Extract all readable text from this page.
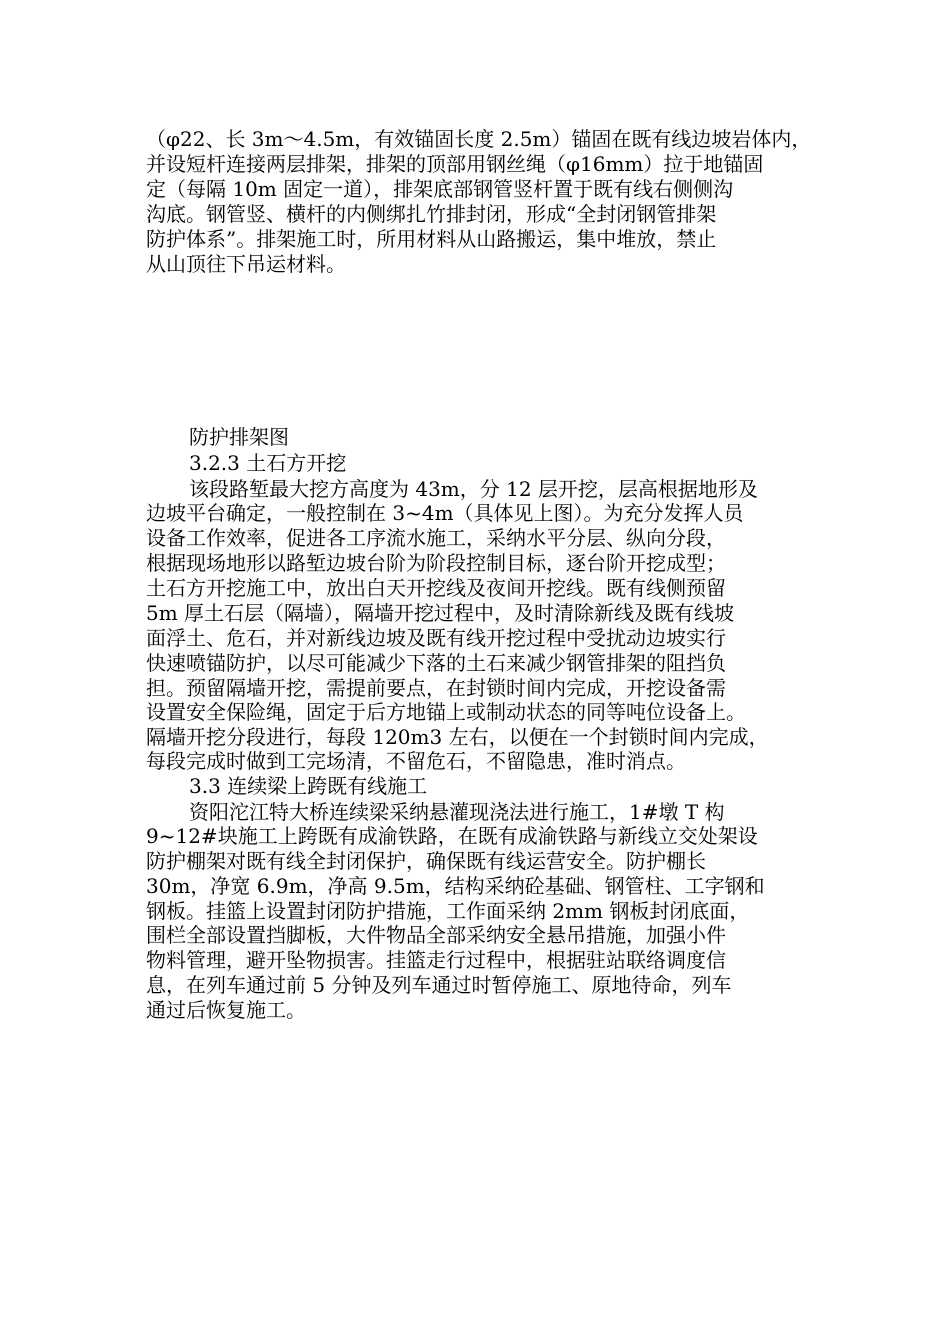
（φ22、长 3m～4.5m，有效锚固长度 2.5m）锚固在既有线边坡岩体内，

并设短杆连接两层排架，排架的顶部用钢丝绳（φ16mm）拉于地锚固

定（每隔 10m 固定一道），排架底部钢管竖杆置于既有线右侧侧沟

沟底。钢管竖、横杆的内侧绑扎竹排封闭，形成“全封闭钢管排架

防护体系”。排架施工时，所用材料从山路搬运，集中堆放，禁止

从山顶往下吊运材料。

防护排架图

3.2.3 土石方开挖

该段路堑最大挖方高度为 43m，分 12 层开挖，层高根据地形及

边坡平台确定，一般控制在 3~4m（具体见上图）。为充分发挥人员

设备工作效率，促进各工序流水施工，采纳水平分层、纵向分段，

根据现场地形以路堑边坡台阶为阶段控制目标，逐台阶开挖成型；

土石方开挖施工中，放出白天开挖线及夜间开挖线。既有线侧预留

5m 厚土石层（隔墙），隔墙开挖过程中，及时清除新线及既有线坡

面浮土、危石，并对新线边坡及既有线开挖过程中受扰动边坡实行

快速喷锚防护，以尽可能减少下落的土石来减少钢管排架的阻挡负

担。预留隔墙开挖，需提前要点，在封锁时间内完成，开挖设备需

设置安全保险绳，固定于后方地锚上或制动状态的同等吨位设备上。

隔墙开挖分段进行，每段 120m3 左右，以便在一个封锁时间内完成，

每段完成时做到工完场清，不留危石，不留隐患，准时消点。

3.3 连续梁上跨既有线施工

资阳沱江特大桥连续梁采纳悬灌现浇法进行施工，1#墩 T 构

9~12#块施工上跨既有成渝铁路，在既有成渝铁路与新线立交处架设

防护棚架对既有线全封闭保护，确保既有线运营安全。防护棚长

30m，净宽 6.9m，净高 9.5m，结构采纳砼基础、钢管柱、工字钢和

钢板。挂篮上设置封闭防护措施，工作面采纳 2mm 钢板封闭底面，

围栏全部设置挡脚板，大件物品全部采纳安全悬吊措施，加强小件

物料管理，避开坠物损害。挂篮走行过程中，根据驻站联络调度信

息，在列车通过前 5 分钟及列车通过时暂停施工、原地待命，列车

通过后恢复施工。
